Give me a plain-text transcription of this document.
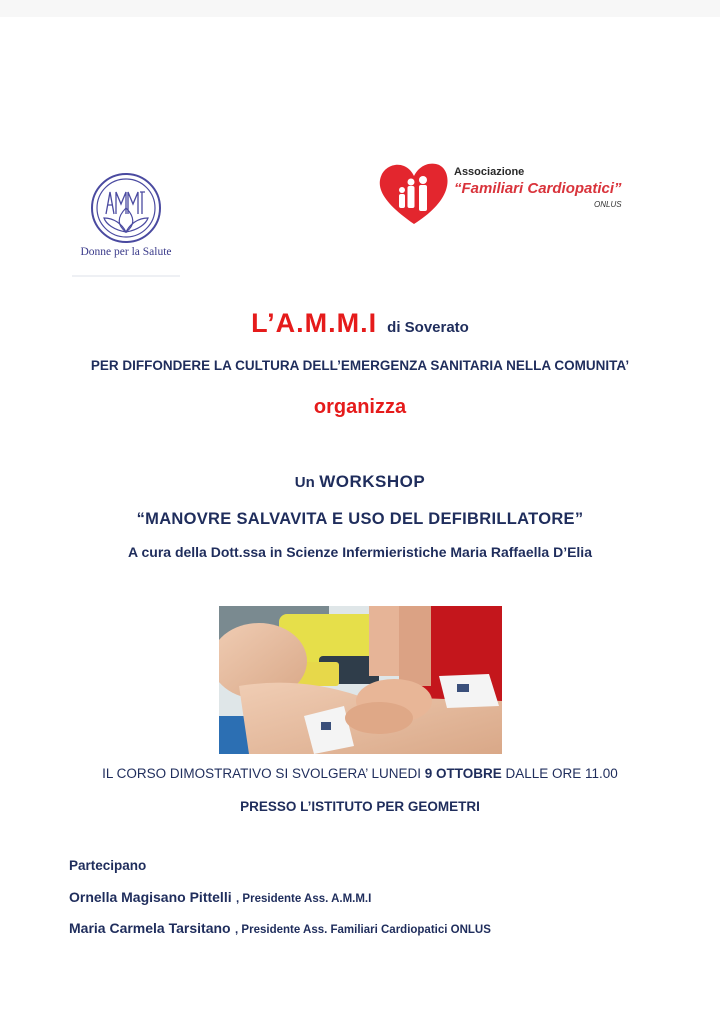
Donne per la Salute
Associazione
“Familiari Cardiopatici”
ONLUS
L’A.M.M.I di Soverato
PER DIFFONDERE LA CULTURA DELL’EMERGENZA SANITARIA NELLA COMUNITA’
organizza
Un WORKSHOP
“MANOVRE SALVAVITA E USO DEL DEFIBRILLATORE”
A cura della Dott.ssa in Scienze Infermieristiche Maria Raffaella D’Elia
IL CORSO DIMOSTRATIVO SI SVOLGERA’ LUNEDI 9 OTTOBRE DALLE ORE 11.00
PRESSO L’ISTITUTO PER GEOMETRI
Partecipano
Ornella Magisano Pittelli , Presidente Ass. A.M.M.I
Maria Carmela Tarsitano , Presidente Ass. Familiari Cardiopatici ONLUS
